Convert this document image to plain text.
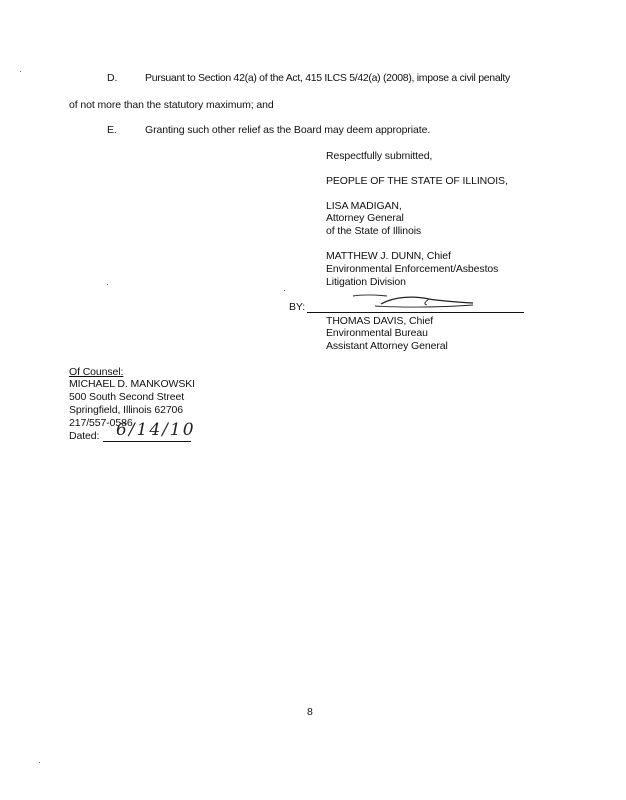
D.	Pursuant to Section 42(a) of the Act, 415 ILCS 5/42(a) (2008), impose a civil penalty
of not more than the statutory maximum; and
E.	Granting such other relief as the Board may deem appropriate.
Respectfully submitted,
PEOPLE OF THE STATE OF ILLINOIS,
LISA MADIGAN,
Attorney General
of the State of Illinois
MATTHEW J. DUNN, Chief
Environmental Enforcement/Asbestos
Litigation Division
BY:
THOMAS DAVIS, Chief
Environmental Bureau
Assistant Attorney General
Of Counsel:
MICHAEL D. MANKOWSKI
500 South Second Street
Springfield, Illinois 62706
217/557-0586
Dated: 6/14/10
8
